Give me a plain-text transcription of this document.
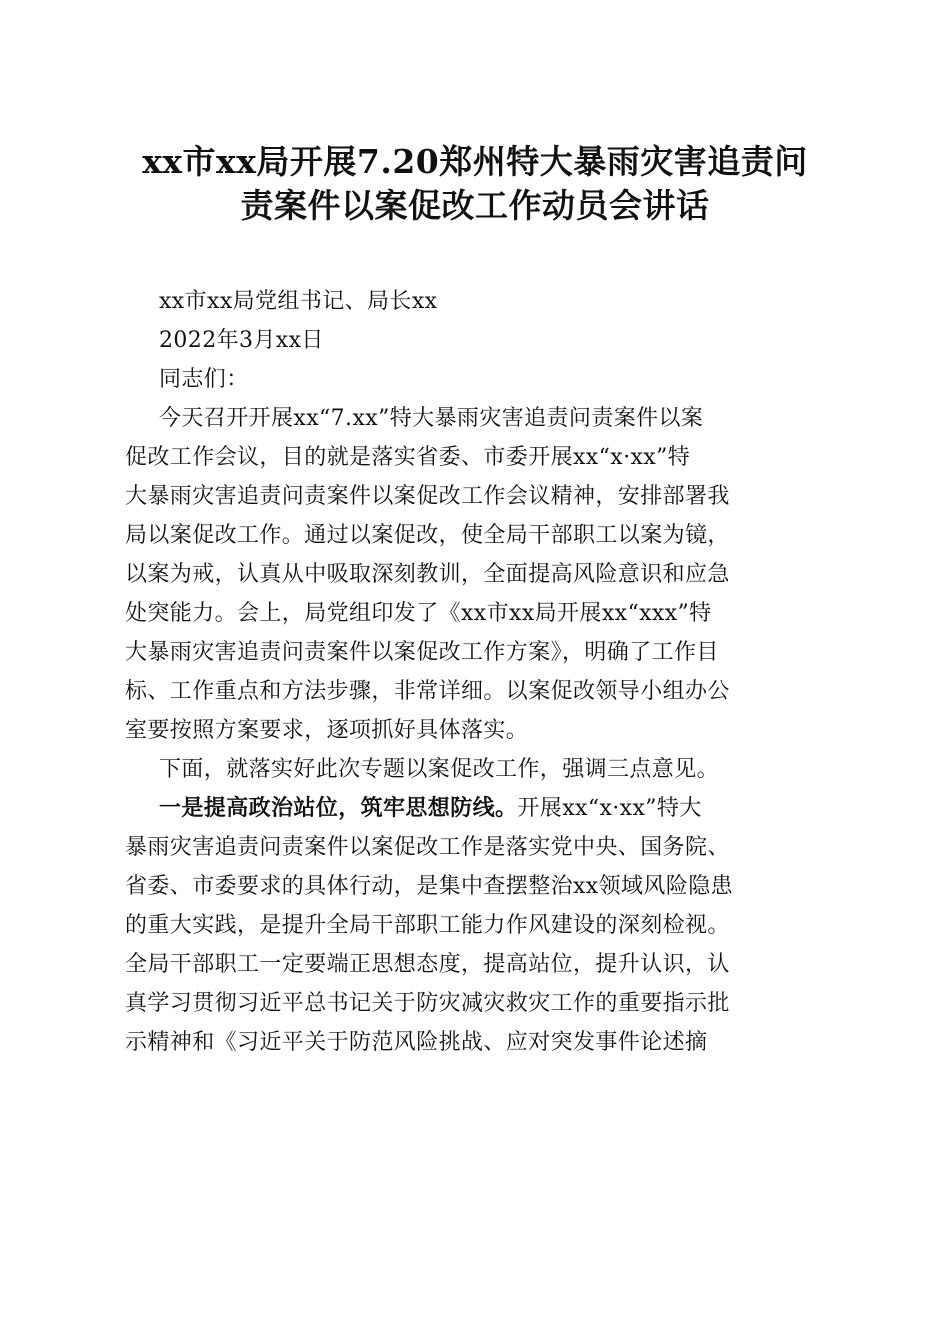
xx市xx局开展7.20郑州特大暴雨灾害追责问
责案件以案促改工作动员会讲话
xx市xx局党组书记、局长xx
2022年3月xx日
同志们：
今天召开开展xx“7.xx”特大暴雨灾害追责问责案件以案
促改工作会议，目的就是落实省委、市委开展xx“x·xx”特
大暴雨灾害追责问责案件以案促改工作会议精神，安排部署我
局以案促改工作。通过以案促改，使全局干部职工以案为镜，
以案为戒，认真从中吸取深刻教训，全面提高风险意识和应急
处突能力。会上，局党组印发了《xx市xx局开展xx“xxx”特
大暴雨灾害追责问责案件以案促改工作方案》，明确了工作目
标、工作重点和方法步骤，非常详细。以案促改领导小组办公
室要按照方案要求，逐项抓好具体落实。
下面，就落实好此次专题以案促改工作，强调三点意见。
一是提高政治站位，筑牢思想防线。开展xx“x·xx”特大
暴雨灾害追责问责案件以案促改工作是落实党中央、国务院、
省委、市委要求的具体行动，是集中查摆整治xx领域风险隐患
的重大实践，是提升全局干部职工能力作风建设的深刻检视。
全局干部职工一定要端正思想态度，提高站位，提升认识，认
真学习贯彻习近平总书记关于防灾减灾救灾工作的重要指示批
示精神和《习近平关于防范风险挑战、应对突发事件论述摘
